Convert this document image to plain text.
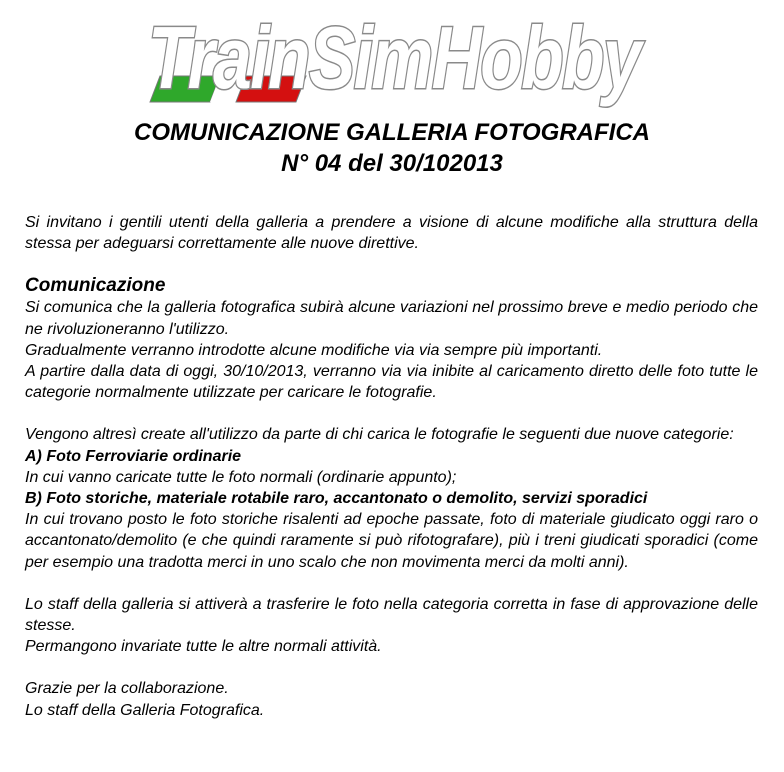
TrainSimHobby
COMUNICAZIONE GALLERIA FOTOGRAFICA
N° 04 del 30/102013

Si invitano i gentili utenti della galleria a prendere a visione di alcune modifiche alla struttura della stessa per adeguarsi correttamente alle nuove direttive.

Comunicazione

Si comunica che la galleria fotografica subirà alcune variazioni nel prossimo breve e medio periodo che ne rivoluzioneranno l'utilizzo.

Gradualmente verranno introdotte alcune modifiche via via sempre più importanti.

A partire dalla data di oggi, 30/10/2013, verranno via via inibite al caricamento diretto delle foto tutte le categorie normalmente utilizzate per caricare le fotografie.

Vengono altresì create all'utilizzo da parte di chi carica le fotografie le seguenti due nuove categorie:

A) Foto Ferroviarie ordinarie

In cui vanno caricate tutte le foto normali (ordinarie appunto);

B) Foto storiche, materiale rotabile raro, accantonato o demolito, servizi sporadici

In cui trovano posto le foto storiche risalenti ad epoche passate, foto di materiale giudicato oggi raro o accantonato/demolito (e che quindi raramente si può rifotografare), più i treni giudicati sporadici (come per esempio una tradotta merci in uno scalo che non movimenta merci da molti anni).

Lo staff della galleria si attiverà a trasferire le foto nella categoria corretta in fase di approvazione delle stesse.

Permangono invariate tutte le altre normali attività.

Grazie per la collaborazione.

Lo staff della Galleria Fotografica.
